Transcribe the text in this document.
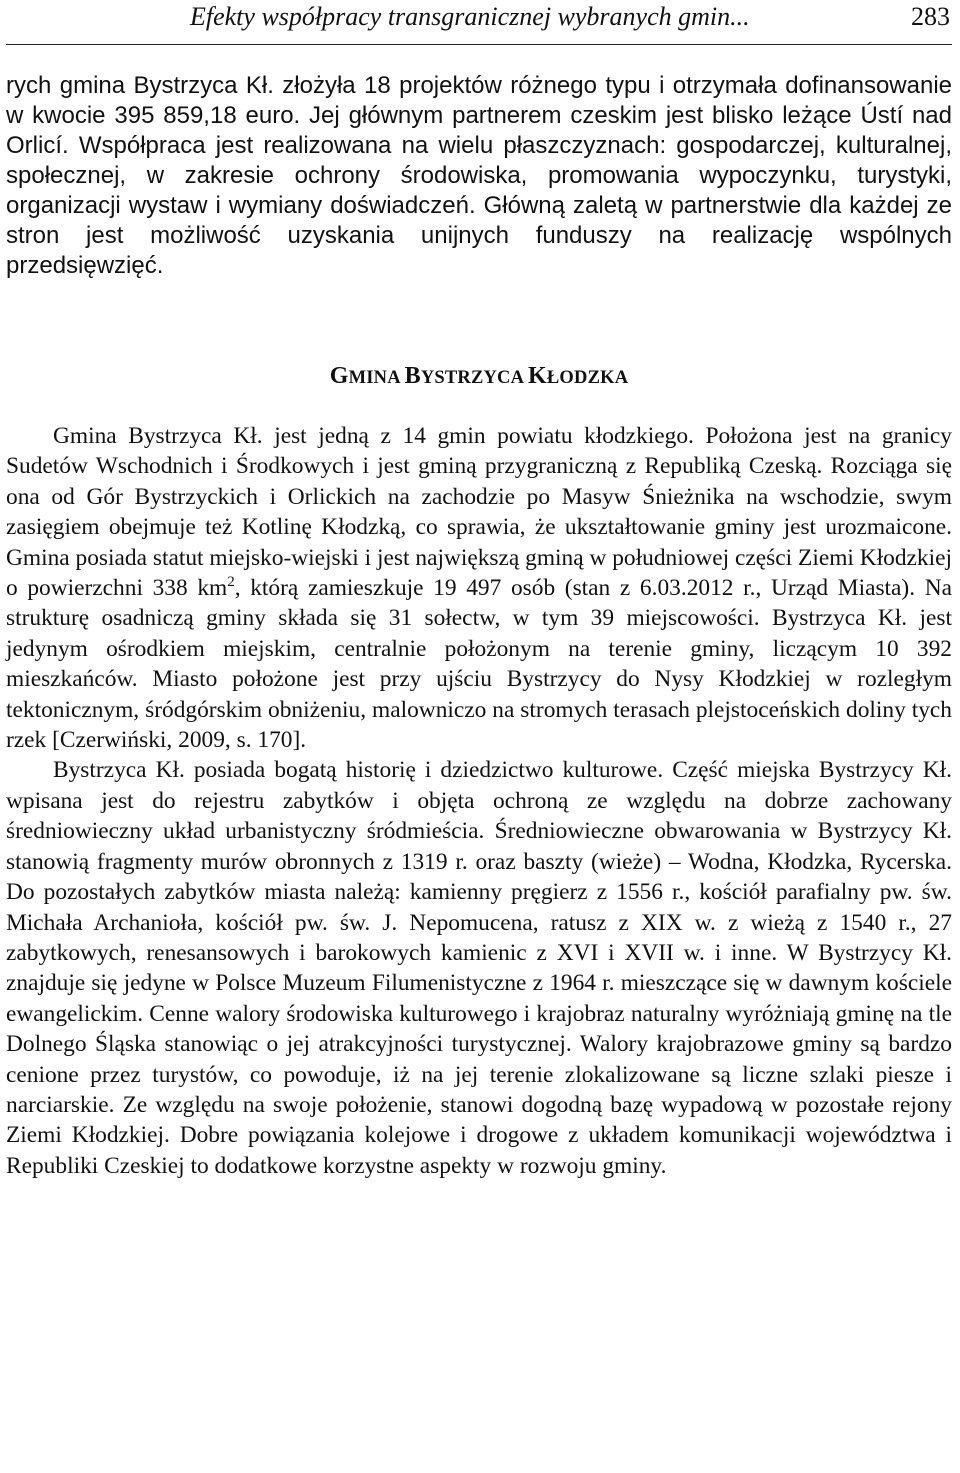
Efekty współpracy transgranicznej wybranych gmin...	283

rych gmina Bystrzyca Kł. złożyła 18 projektów różnego typu i otrzymała dofinansowanie w kwocie 395 859,18 euro. Jej głównym partnerem czeskim jest blisko leżące Ústí nad Orlicí. Współpraca jest realizowana na wielu płaszczyznach: gospodarczej, kulturalnej, społecznej, w zakresie ochrony środowiska, promowania wypoczynku, turystyki, organizacji wystaw i wymiany doświadczeń. Główną zaletą w partnerstwie dla każdej ze stron jest możliwość uzyskania unijnych funduszy na realizację wspólnych przedsięwzięć.

GMINA BYSTRZYCA KŁODZKA

Gmina Bystrzyca Kł. jest jedną z 14 gmin powiatu kłodzkiego. Położona jest na granicy Sudetów Wschodnich i Środkowych i jest gminą przygraniczną z Republiką Czeską. Rozciąga się ona od Gór Bystrzyckich i Orlickich na zachodzie po Masyw Śnieżnika na wschodzie, swym zasięgiem obejmuje też Kotlinę Kłodzką, co sprawia, że ukształtowanie gminy jest urozmaicone. Gmina posiada statut miejsko-wiejski i jest największą gminą w południowej części Ziemi Kłodzkiej o powierzchni 338 $km^2$, którą zamieszkuje 19 497 osób (stan z 6.03.2012 r., Urząd Miasta). Na strukturę osadniczą gminy składa się 31 sołectw, w tym 39 miejscowości. Bystrzyca Kł. jest jedynym ośrodkiem miejskim, centralnie położonym na terenie gminy, liczącym 10 392 mieszkańców. Miasto położone jest przy ujściu Bystrzycy do Nysy Kłodzkiej w rozległym tektonicznym, śródgórskim obniżeniu, malowniczo na stromych terasach plejstoceńskich doliny tych rzek [Czerwiński, 2009, s. 170].

Bystrzyca Kł. posiada bogatą historię i dziedzictwo kulturowe. Część miejska Bystrzycy Kł. wpisana jest do rejestru zabytków i objęta ochroną ze względu na dobrze zachowany średniowieczny układ urbanistyczny śródmieścia. Średniowieczne obwarowania w Bystrzycy Kł. stanowią fragmenty murów obronnych z 1319 r. oraz baszty (wieże) – Wodna, Kłodzka, Rycerska. Do pozostałych zabytków miasta należą: kamienny pręgierz z 1556 r., kościół parafialny pw. św. Michała Archanioła, kościół pw. św. J. Nepomucena, ratusz z XIX w. z wieżą z 1540 r., 27 zabytkowych, renesansowych i barokowych kamienic z XVI i XVII w. i inne. W Bystrzycy Kł. znajduje się jedyne w Polsce Muzeum Filumenistyczne z 1964 r. mieszczące się w dawnym kościele ewangelickim. Cenne walory środowiska kulturowego i krajobraz naturalny wyróżniają gminę na tle Dolnego Śląska stanowiąc o jej atrakcyjności turystycznej. Walory krajobrazowe gminy są bardzo cenione przez turystów, co powoduje, iż na jej terenie zlokalizowane są liczne szlaki piesze i narciarskie. Ze względu na swoje położenie, stanowi dogodną bazę wypadową w pozostałe rejony Ziemi Kłodzkiej. Dobre powiązania kolejowe i drogowe z układem komunikacji województwa i Republiki Czeskiej to dodatkowe korzystne aspekty w rozwoju gminy.
